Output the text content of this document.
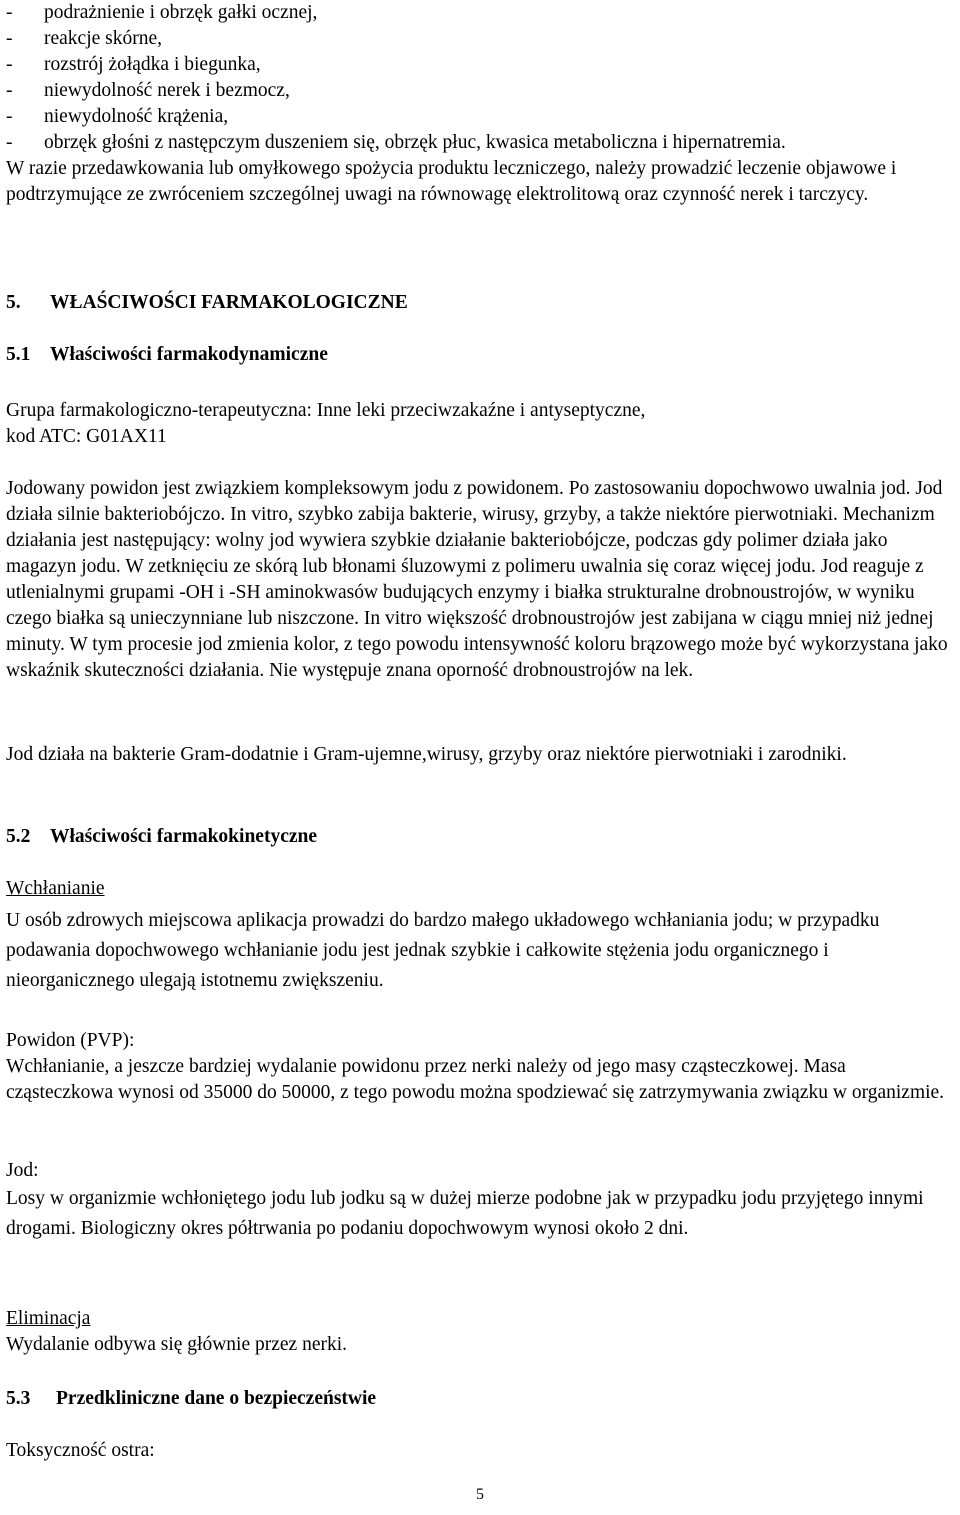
- podrażnienie i obrzęk gałki ocznej,
- reakcje skórne,
- rozstrój żołądka i biegunka,
- niewydolność nerek i bezmocz,
- niewydolność krążenia,
- obrzęk głośni z następczym duszeniem się, obrzęk płuc, kwasica metaboliczna i hipernatremia.

W razie przedawkowania lub omyłkowego spożycia produktu leczniczego, należy prowadzić leczenie objawowe i podtrzymujące ze zwróceniem szczególnej uwagi na równowagę elektrolitową oraz czynność nerek i tarczycy.

5. WŁAŚCIWOŚCI FARMAKOLOGICZNE

5.1 Właściwości farmakodynamiczne

Grupa farmakologiczno-terapeutyczna: Inne leki przeciwzakaźne i antyseptyczne,
kod ATC: G01AX11

Jodowany powidon jest związkiem kompleksowym jodu z powidonem. Po zastosowaniu dopochwowo uwalnia jod. Jod działa silnie bakteriobójczo. In vitro, szybko zabija bakterie, wirusy, grzyby, a także niektóre pierwotniaki. Mechanizm działania jest następujący: wolny jod wywiera szybkie działanie bakteriobójcze, podczas gdy polimer działa jako magazyn jodu. W zetknięciu ze skórą lub błonami śluzowymi z polimeru uwalnia się coraz więcej jodu. Jod reaguje z utlenialnymi grupami -OH i -SH aminokwasów budujących enzymy i białka strukturalne drobnoustrojów, w wyniku czego białka są unieczynniane lub niszczone. In vitro większość drobnoustrojów jest zabijana w ciągu mniej niż jednej minuty. W tym procesie jod zmienia kolor, z tego powodu intensywność koloru brązowego może być wykorzystana jako wskaźnik skuteczności działania. Nie występuje znana oporność drobnoustrojów na lek.

Jod działa na bakterie Gram-dodatnie i Gram-ujemne,wirusy, grzyby oraz niektóre pierwotniaki i zarodniki.

5.2 Właściwości farmakokinetyczne

Wchłanianie

U osób zdrowych miejscowa aplikacja prowadzi do bardzo małego układowego wchłaniania jodu; w przypadku podawania dopochwowego wchłanianie jodu jest jednak szybkie i całkowite stężenia jodu organicznego i nieorganicznego ulegają istotnemu zwiększeniu.

Powidon (PVP):

Wchłanianie, a jeszcze bardziej wydalanie powidonu przez nerki należy od jego masy cząsteczkowej. Masa cząsteczkowa wynosi od 35000 do 50000, z tego powodu można spodziewać się zatrzymywania związku w organizmie.

Jod:

Losy w organizmie wchłoniętego jodu lub jodku są w dużej mierze podobne jak w przypadku jodu przyjętego innymi drogami. Biologiczny okres półtrwania po podaniu dopochwowym wynosi około 2 dni.

Eliminacja

Wydalanie odbywa się głównie przez nerki.

5.3 Przedkliniczne dane o bezpieczeństwie

Toksyczność ostra:

5
